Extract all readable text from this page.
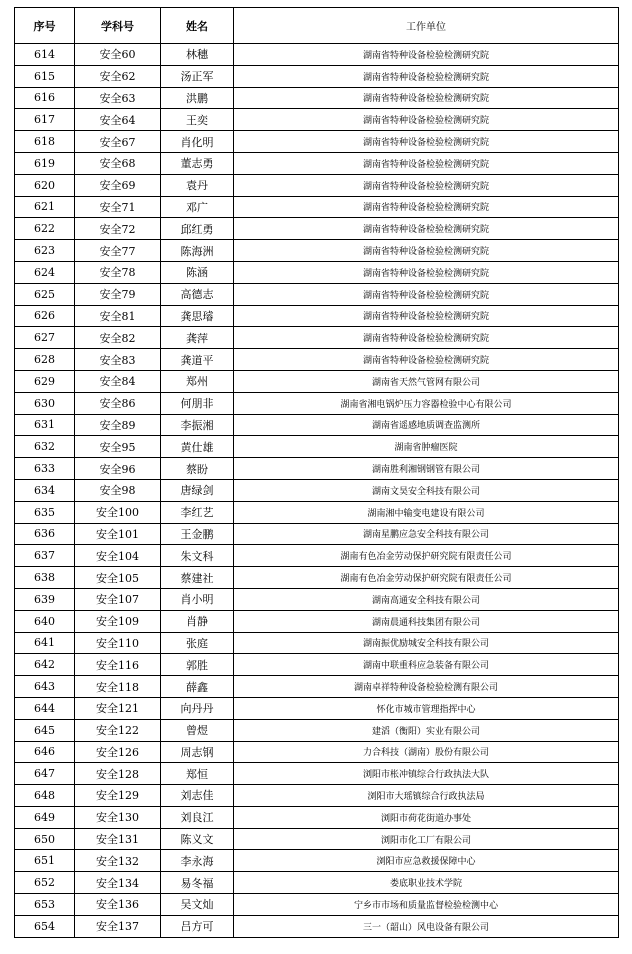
序号	学科号	姓名	工作单位
614	安全60	林穗	湖南省特种设备检验检测研究院
615	安全62	汤正军	湖南省特种设备检验检测研究院
616	安全63	洪鹏	湖南省特种设备检验检测研究院
617	安全64	王奕	湖南省特种设备检验检测研究院
618	安全67	肖化明	湖南省特种设备检验检测研究院
619	安全68	董志勇	湖南省特种设备检验检测研究院
620	安全69	袁丹	湖南省特种设备检验检测研究院
621	安全71	邓广	湖南省特种设备检验检测研究院
622	安全72	邱红勇	湖南省特种设备检验检测研究院
623	安全77	陈海洲	湖南省特种设备检验检测研究院
624	安全78	陈涵	湖南省特种设备检验检测研究院
625	安全79	高德志	湖南省特种设备检验检测研究院
626	安全81	龚思璿	湖南省特种设备检验检测研究院
627	安全82	龚萍	湖南省特种设备检验检测研究院
628	安全83	龚道平	湖南省特种设备检验检测研究院
629	安全84	郑州	湖南省天然气管网有限公司
630	安全86	何朋非	湖南省湘电锅炉压力容器检验中心有限公司
631	安全89	李振湘	湖南省遥感地质调查监测所
632	安全95	黄仕雄	湖南省肿瘤医院
633	安全96	蔡盼	湖南胜利湘钢钢管有限公司
634	安全98	唐绿剑	湖南文昊安全科技有限公司
635	安全100	李红艺	湖南湘中输变电建设有限公司
636	安全101	王金鹏	湖南星鹏应急安全科技有限公司
637	安全104	朱文科	湖南有色冶金劳动保护研究院有限责任公司
638	安全105	蔡建社	湖南有色冶金劳动保护研究院有限责任公司
639	安全107	肖小明	湖南高通安全科技有限公司
640	安全109	肖静	湖南晨通科技集团有限公司
641	安全110	张庭	湖南振优励城安全科技有限公司
642	安全116	郭胜	湖南中联重科应急装备有限公司
643	安全118	薛鑫	湖南卓祥特种设备检验检测有限公司
644	安全121	向丹丹	怀化市城市管理指挥中心
645	安全122	曾煜	建滔（衡阳）实业有限公司
646	安全126	周志钢	力合科技（湖南）股份有限公司
647	安全128	郑恒	浏阳市枨冲镇综合行政执法大队
648	安全129	刘志佳	浏阳市大瑶镇综合行政执法局
649	安全130	刘良江	浏阳市荷花街道办事处
650	安全131	陈义文	浏阳市化工厂有限公司
651	安全132	李永海	浏阳市应急救援保障中心
652	安全134	易冬福	娄底职业技术学院
653	安全136	吴文灿	宁乡市市场和质量监督检验检测中心
654	安全137	吕方可	三一（韶山）风电设备有限公司
